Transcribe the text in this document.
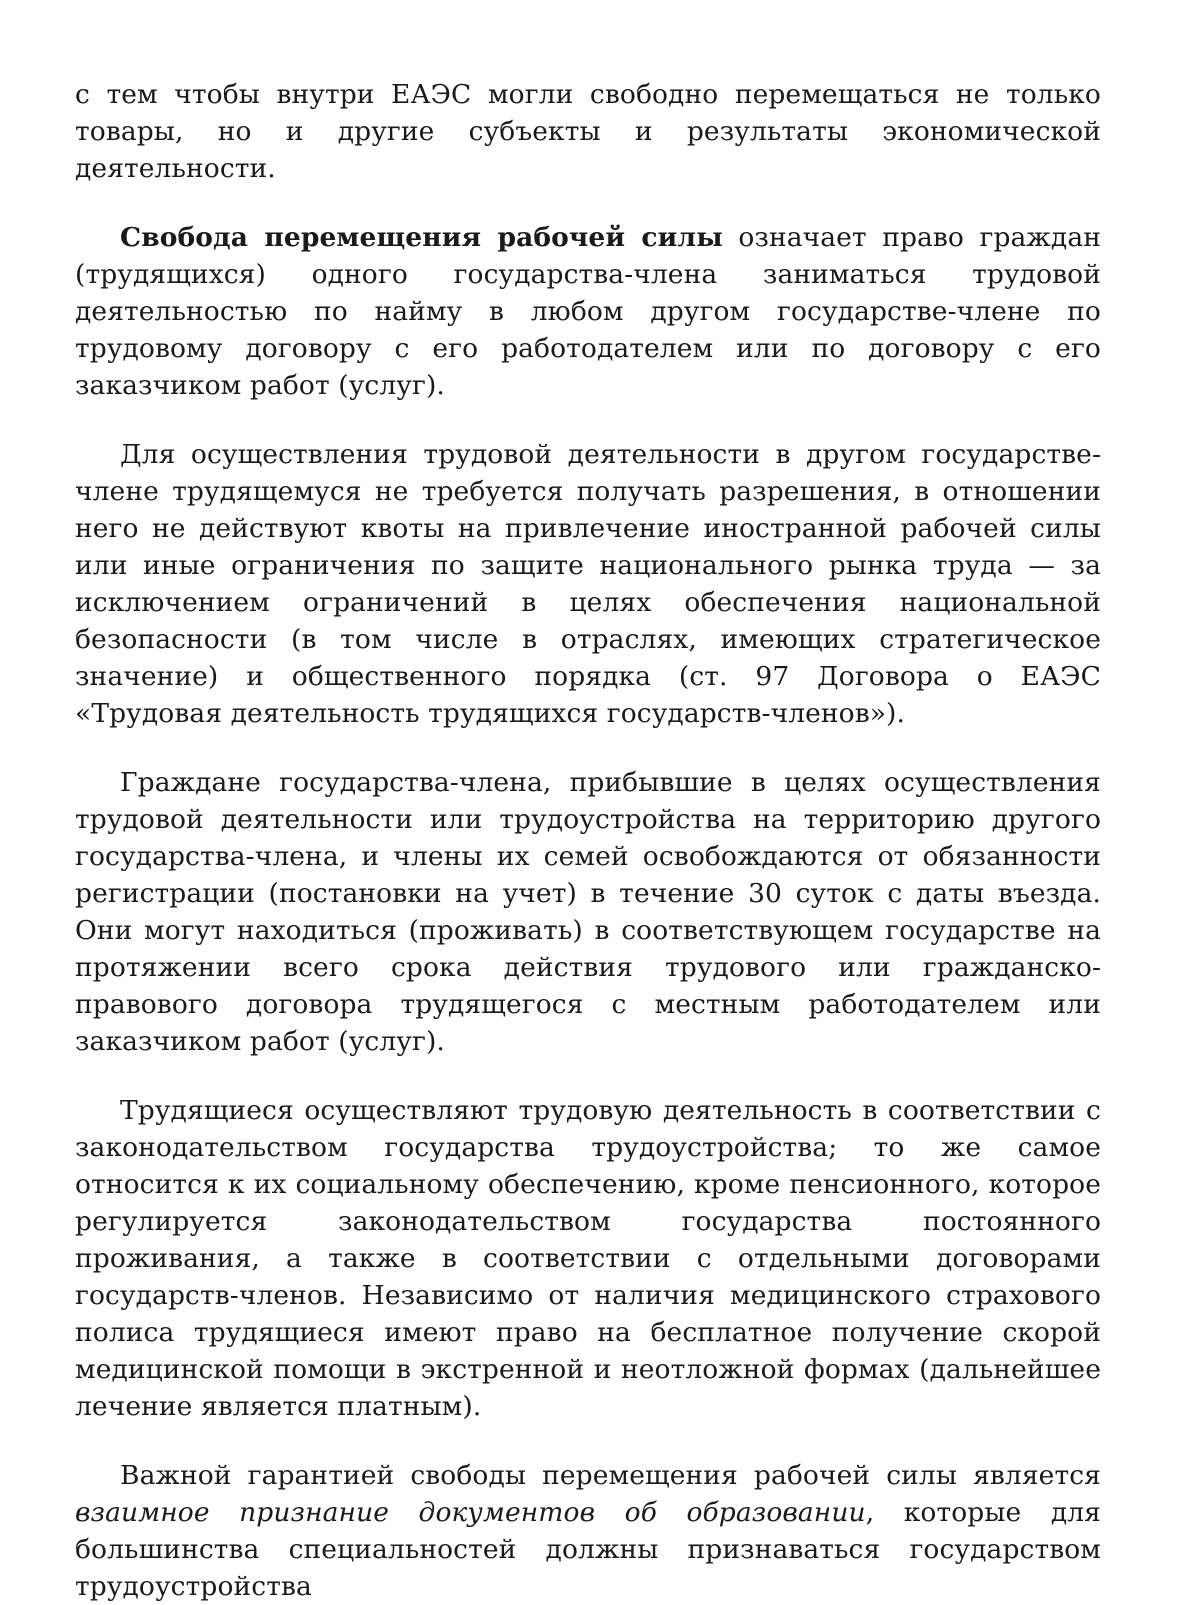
с тем чтобы внутри ЕАЭС могли свободно перемещаться не только товары, но и другие субъекты и результаты экономической деятельности.

Свобода перемещения рабочей силы означает право граждан (трудящихся) одного государства-члена заниматься трудовой деятельностью по найму в любом другом государстве-члене по трудовому договору с его работодателем или по договору с его заказчиком работ (услуг).

Для осуществления трудовой деятельности в другом государстве-члене трудящемуся не требуется получать разрешения, в отношении него не действуют квоты на привлечение иностранной рабочей силы или иные ограничения по защите национального рынка труда — за исключением ограничений в целях обеспечения национальной безопасности (в том числе в отраслях, имеющих стратегическое значение) и общественного порядка (ст. 97 Договора о ЕАЭС «Трудовая деятельность трудящихся государств-членов»).

Граждане государства-члена, прибывшие в целях осуществления трудовой деятельности или трудоустройства на территорию другого государства-члена, и члены их семей освобождаются от обязанности регистрации (постановки на учет) в течение 30 суток с даты въезда. Они могут находиться (проживать) в соответствующем государстве на протяжении всего срока действия трудового или гражданско-правового договора трудящегося с местным работодателем или заказчиком работ (услуг).

Трудящиеся осуществляют трудовую деятельность в соответствии с законодательством государства трудоустройства; то же самое относится к их социальному обеспечению, кроме пенсионного, которое регулируется законодательством государства постоянного проживания, а также в соответствии с отдельными договорами государств-членов. Независимо от наличия медицинского страхового полиса трудящиеся имеют право на бесплатное получение скорой медицинской помощи в экстренной и неотложной формах (дальнейшее лечение является платным).

Важной гарантией свободы перемещения рабочей силы является взаимное признание документов об образовании, которые для большинства специальностей должны признаваться государством трудоустройства
